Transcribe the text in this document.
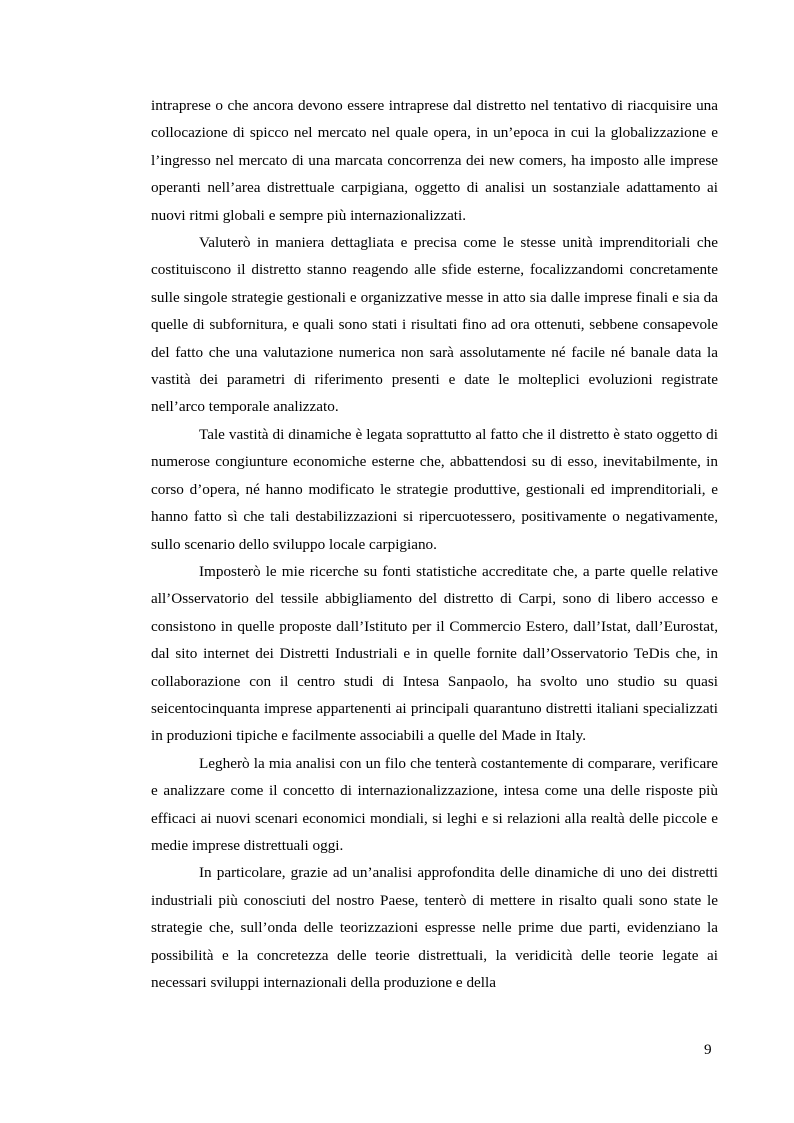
intraprese o che ancora devono essere intraprese dal distretto nel tentativo di riacquisire una collocazione di spicco nel mercato nel quale opera, in un’epoca in cui la globalizzazione e l’ingresso nel mercato di una marcata concorrenza dei new comers, ha imposto alle imprese operanti nell’area distrettuale carpigiana, oggetto di analisi un sostanziale adattamento ai nuovi ritmi globali e sempre più internazionalizzati.

Valuterò in maniera dettagliata e precisa come le stesse unità imprenditoriali che costituiscono il distretto stanno reagendo alle sfide esterne, focalizzandomi concretamente sulle singole strategie gestionali e organizzative messe in atto sia dalle imprese finali e sia da quelle di subfornitura, e quali sono stati i risultati fino ad ora ottenuti, sebbene consapevole del fatto che una valutazione numerica non sarà assolutamente né facile né banale data la vastità dei parametri di riferimento presenti e date le molteplici evoluzioni registrate nell’arco temporale analizzato.

Tale vastità di dinamiche è legata soprattutto al fatto che il distretto è stato oggetto di numerose congiunture economiche esterne che, abbattendosi su di esso, inevitabilmente, in corso d’opera, né hanno modificato le strategie produttive, gestionali ed imprenditoriali, e hanno fatto sì che tali destabilizzazioni si ripercuotessero, positivamente o negativamente, sullo scenario dello sviluppo locale carpigiano.

Imposterò le mie ricerche su fonti statistiche accreditate che, a parte quelle relative all’Osservatorio del tessile abbigliamento del distretto di Carpi, sono di libero accesso e consistono in quelle proposte dall’Istituto per il Commercio Estero, dall’Istat, dall’Eurostat, dal sito internet dei Distretti Industriali e in quelle fornite dall’Osservatorio TeDis che, in collaborazione con il centro studi di Intesa Sanpaolo, ha svolto uno studio su quasi seicentocinquanta imprese appartenenti ai principali quarantuno distretti italiani specializzati in produzioni tipiche e facilmente associabili a quelle del Made in Italy.

Legherò la mia analisi con un filo che tenterà costantemente di comparare, verificare e analizzare come il concetto di internazionalizzazione, intesa come una delle risposte più efficaci ai nuovi scenari economici mondiali, si leghi e si relazioni alla realtà delle piccole e medie imprese distrettuali oggi.

In particolare, grazie ad un’analisi approfondita delle dinamiche di uno dei distretti industriali più conosciuti del nostro Paese, tenterò di mettere in risalto quali sono state le strategie che, sull’onda delle teorizzazioni espresse nelle prime due parti, evidenziano la possibilità e la concretezza delle teorie distrettuali, la veridicità delle teorie legate ai necessari sviluppi internazionali della produzione e della

9
